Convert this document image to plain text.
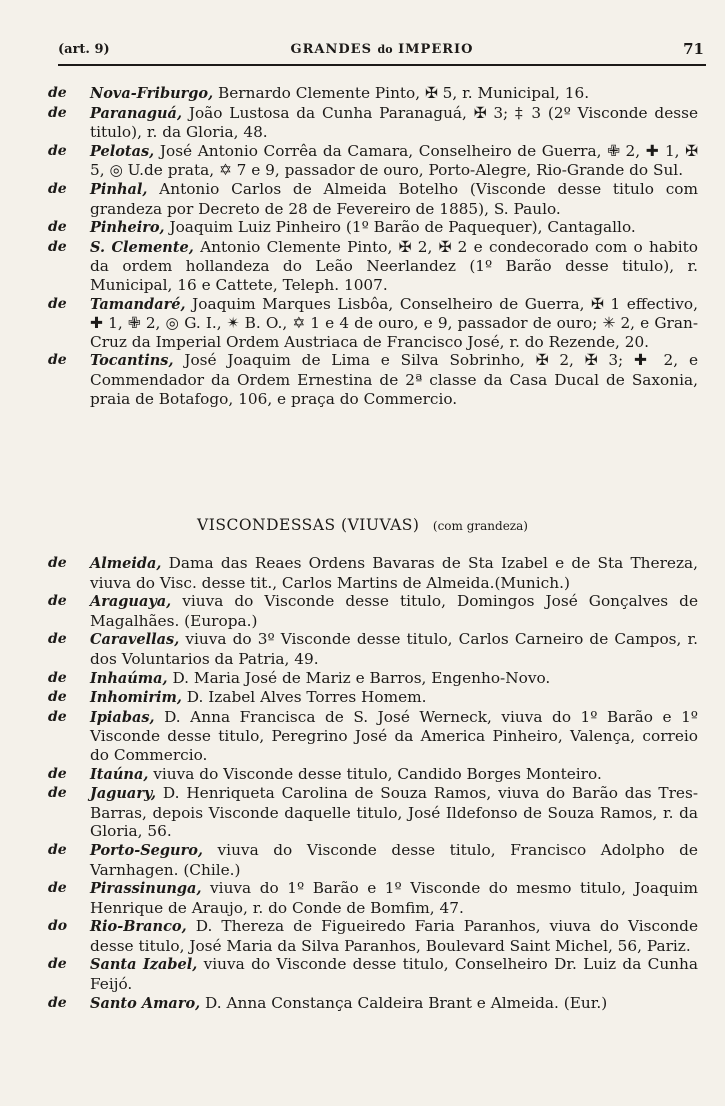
(art. 9)	GRANDES do IMPERIO	71

de Nova-Friburgo, Bernardo Clemente Pinto, ✠ 5, r. Municipal, 16.

de Paranaguá, João Lustosa da Cunha Paranaguá, ✠ 3; ‡ 3 (2º Visconde desse titulo), r. da Gloria, 48.

de Pelotas, José Antonio Corrêa da Camara, Conselheiro de Guerra, ✙ 2, ✚ 1, ✠ 5, ◎ U.de prata, ✡ 7 e 9, passador de ouro, Porto-Alegre, Rio-Grande do Sul.

de Pinhal, Antonio Carlos de Almeida Botelho (Visconde desse titulo com grandeza por Decreto de 28 de Fevereiro de 1885), S. Paulo.

de Pinheiro, Joaquim Luiz Pinheiro (1º Barão de Paquequer), Cantagallo.

de S. Clemente, Antonio Clemente Pinto, ✠ 2, ✠ 2 e condecorado com o habito da ordem hollandeza do Leão Neerlandez (1º Barão desse titulo), r. Municipal, 16 e Cattete, Teleph. 1007.

de Tamandaré, Joaquim Marques Lisbôa, Conselheiro de Guerra, ✠ 1 effectivo, ✚ 1, ✙ 2, ◎ G. I., ✴ B. O., ✡ 1 e 4 de ouro, e 9, passador de ouro; ✳ 2, e Gran-Cruz da Imperial Ordem Austriaca de Francisco José, r. do Rezende, 20.

de Tocantins, José Joaquim de Lima e Silva Sobrinho, ✠ 2, ✠ 3; ✚ 2, e Commendador da Ordem Ernestina de 2ª classe da Casa Ducal de Saxonia, praia de Botafogo, 106, e praça do Commercio.

VISCONDESSAS (VIUVAS) (com grandeza)

de Almeida, Dama das Reaes Ordens Bavaras de Sta Izabel e de Sta Thereza, viuva do Visc. desse tit., Carlos Martins de Almeida.(Munich.)

de Araguaya, viuva do Visconde desse titulo, Domingos José Gonçalves de Magalhães. (Europa.)

de Caravellas, viuva do 3º Visconde desse titulo, Carlos Carneiro de Campos, r. dos Voluntarios da Patria, 49.

de Inhaúma, D. Maria José de Mariz e Barros, Engenho-Novo.

de Inhomirim, D. Izabel Alves Torres Homem.

de Ipiabas, D. Anna Francisca de S. José Werneck, viuva do 1º Barão e 1º Visconde desse titulo, Peregrino José da America Pinheiro, Valença, correio do Commercio.

de Itaúna, viuva do Visconde desse titulo, Candido Borges Monteiro.

de Jaguary, D. Henriqueta Carolina de Souza Ramos, viuva do Barão das Tres-Barras, depois Visconde daquelle titulo, José Ildefonso de Souza Ramos, r. da Gloria, 56.

de Porto-Seguro, viuva do Visconde desse titulo, Francisco Adolpho de Varnhagen. (Chile.)

de Pirassinunga, viuva do 1º Barão e 1º Visconde do mesmo titulo, Joaquim Henrique de Araujo, r. do Conde de Bomfim, 47.

do Rio-Branco, D. Thereza de Figueiredo Faria Paranhos, viuva do Visconde desse titulo, José Maria da Silva Paranhos, Boulevard Saint Michel, 56, Pariz.

de Santa Izabel, viuva do Visconde desse titulo, Conselheiro Dr. Luiz da Cunha Feijó.

de Santo Amaro, D. Anna Constança Caldeira Brant e Almeida. (Eur.)
